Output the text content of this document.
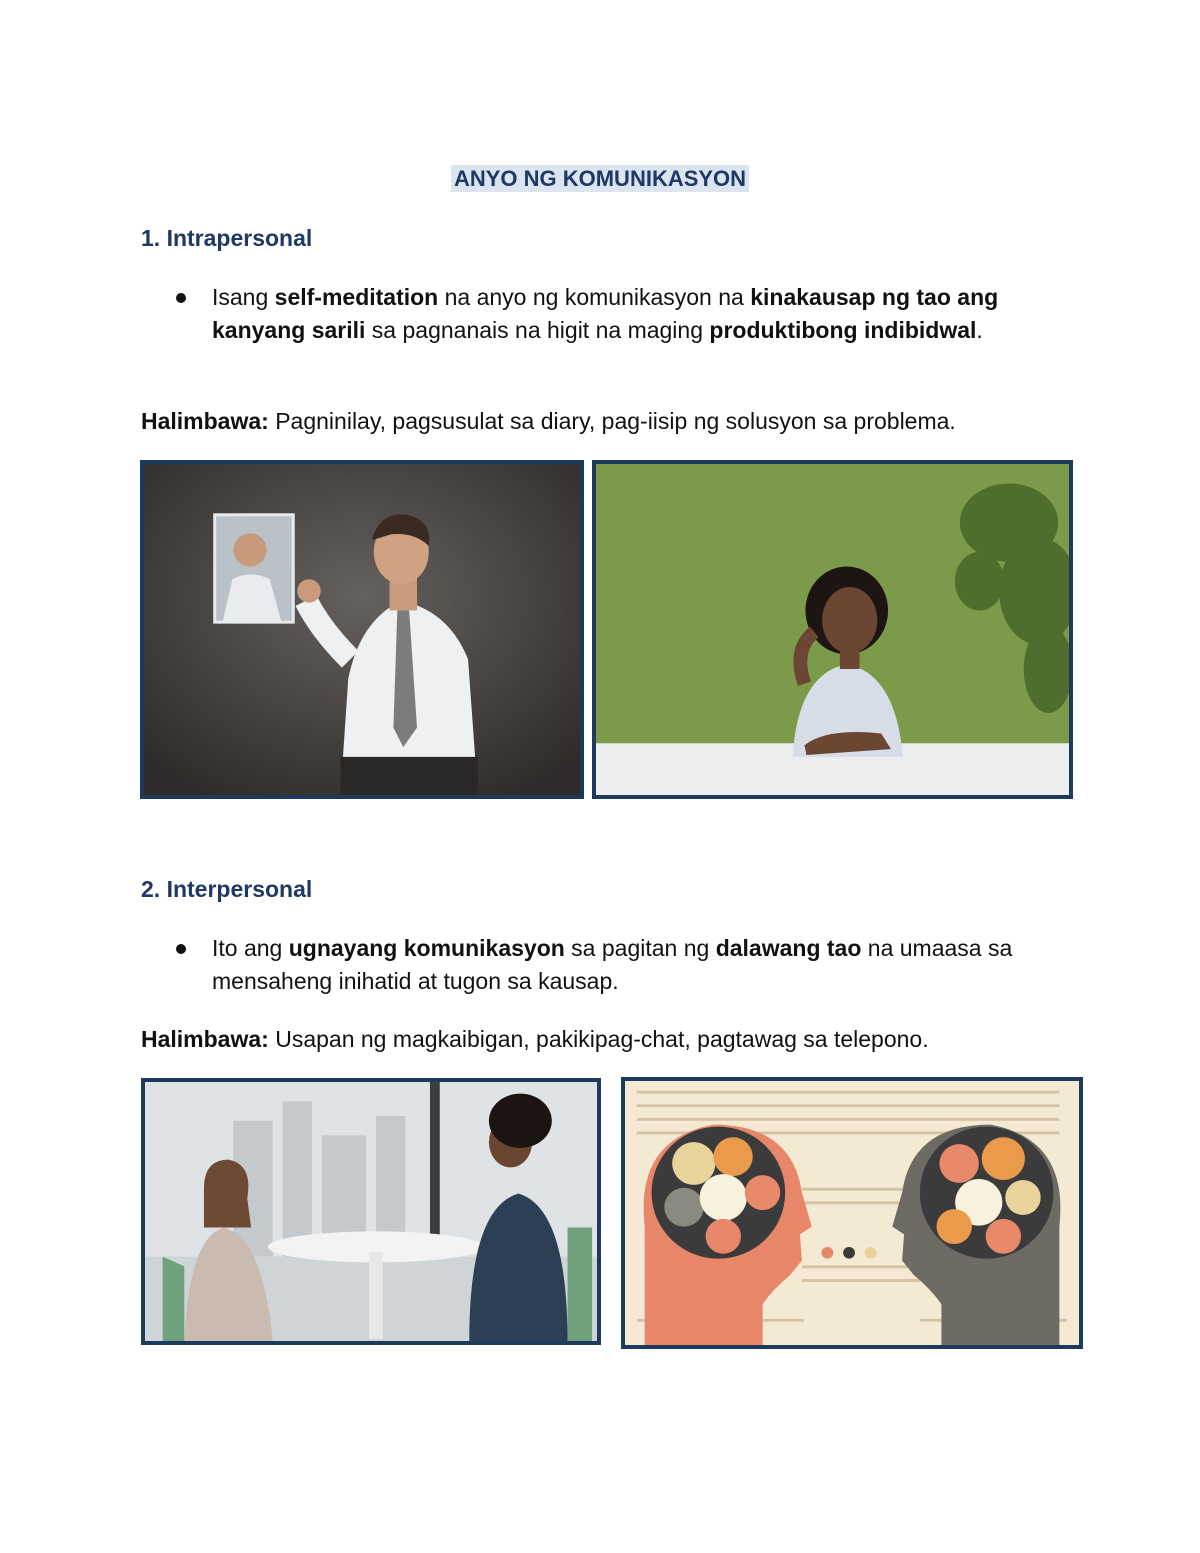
ANYO NG KOMUNIKASYON
1. Intrapersonal
Isang self-meditation na anyo ng komunikasyon na kinakausap ng tao ang kanyang sarili sa pagnanais na higit na maging produktibong indibidwal.
Halimbawa: Pagninilay, pagsusulat sa diary, pag-iisip ng solusyon sa problema.
2. Interpersonal
Ito ang ugnayang komunikasyon sa pagitan ng dalawang tao na umaasa sa mensaheng inihatid at tugon sa kausap.
Halimbawa: Usapan ng magkaibigan, pakikipag-chat, pagtawag sa telepono.
